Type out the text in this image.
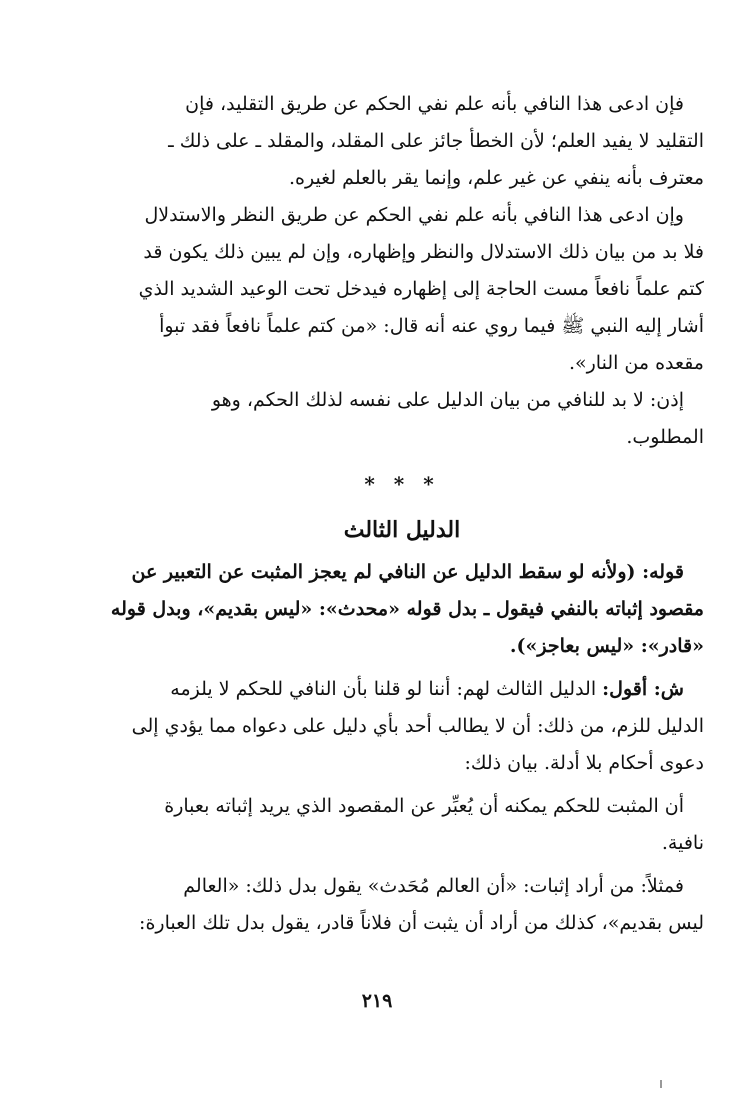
فإن ادعى هذا النافي بأنه علم نفي الحكم عن طريق التقليد، فإن

التقليد لا يفيد العلم؛ لأن الخطأ جائز على المقلد، والمقلد ـ على ذلك ـ

معترف بأنه ينفي عن غير علم، وإنما يقر بالعلم لغيره.

وإن ادعى هذا النافي بأنه علم نفي الحكم عن طريق النظر والاستدلال

فلا بد من بيان ذلك الاستدلال والنظر وإظهاره، وإن لم يبين ذلك يكون قد

كتم علماً نافعاً مست الحاجة إلى إظهاره فيدخل تحت الوعيد الشديد الذي

أشار إليه النبي ﷺ فيما روي عنه أنه قال: «من كتم علماً نافعاً فقد تبوأ

مقعده من النار».

إذن: لا بد للنافي من بيان الدليل على نفسه لذلك الحكم، وهو

المطلوب.

* * *
الدليل الثالث

قوله: (ولأنه لو سقط الدليل عن النافي لم يعجز المثبت عن التعبير عن

مقصود إثباته بالنفي فيقول ـ بدل قوله «محدث»: «ليس بقديم»، وبدل قوله

«قادر»: «ليس بعاجز»).

ش: أقول: الدليل الثالث لهم: أننا لو قلنا بأن النافي للحكم لا يلزمه

الدليل للزم، من ذلك: أن لا يطالب أحد بأي دليل على دعواه مما يؤدي إلى

دعوى أحكام بلا أدلة. بيان ذلك:

أن المثبت للحكم يمكنه أن يُعبِّر عن المقصود الذي يريد إثباته بعبارة

نافية.

فمثلاً: من أراد إثبات: «أن العالم مُحَدث» يقول بدل ذلك: «العالم

ليس بقديم»، كذلك من أراد أن يثبت أن فلاناً قادر، يقول بدل تلك العبارة:

٢١٩
